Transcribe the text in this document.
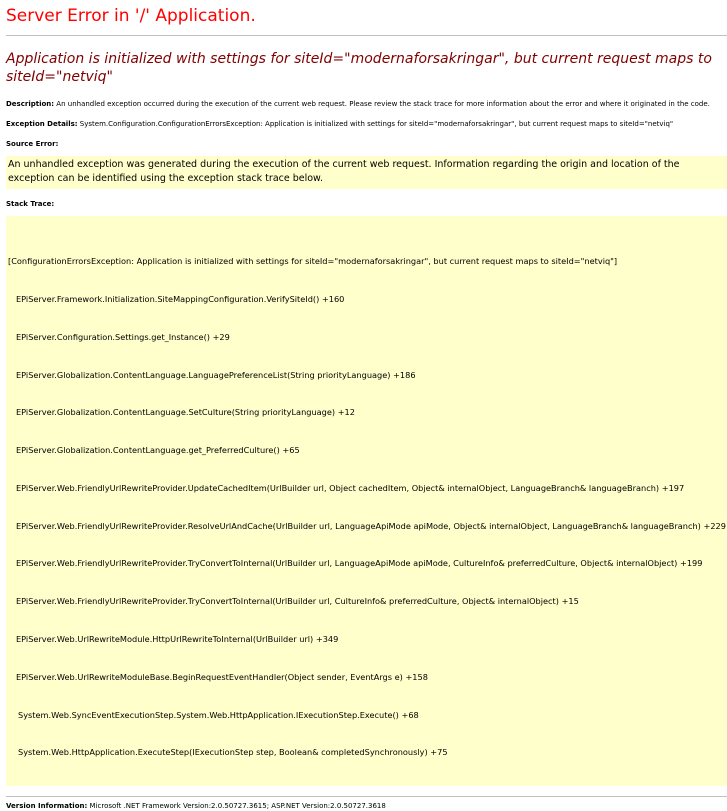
Server Error in '/' Application.
Application is initialized with settings for siteId="modernaforsakringar", but current request maps to siteId="netviq"
Description: An unhandled exception occurred during the execution of the current web request. Please review the stack trace for more information about the error and where it originated in the code.
Exception Details: System.Configuration.ConfigurationErrorsException: Application is initialized with settings for siteId="modernaforsakringar", but current request maps to siteId="netviq"
Source Error:
An unhandled exception was generated during the execution of the current web request. Information regarding the origin and location of the exception can be identified using the exception stack trace below.
Stack Trace:

[ConfigurationErrorsException: Application is initialized with settings for siteId="modernaforsakringar", but current request maps to siteId="netviq"]

EPiServer.Framework.Initialization.SiteMappingConfiguration.VerifySiteId() +160

EPiServer.Configuration.Settings.get_Instance() +29

EPiServer.Globalization.ContentLanguage.LanguagePreferenceList(String priorityLanguage) +186

EPiServer.Globalization.ContentLanguage.SetCulture(String priorityLanguage) +12

EPiServer.Globalization.ContentLanguage.get_PreferredCulture() +65

EPiServer.Web.FriendlyUrlRewriteProvider.UpdateCachedItem(UrlBuilder url, Object cachedItem, Object& internalObject, LanguageBranch& languageBranch) +197

EPiServer.Web.FriendlyUrlRewriteProvider.ResolveUrlAndCache(UrlBuilder url, LanguageApiMode apiMode, Object& internalObject, LanguageBranch& languageBranch) +229

EPiServer.Web.FriendlyUrlRewriteProvider.TryConvertToInternal(UrlBuilder url, LanguageApiMode apiMode, CultureInfo& preferredCulture, Object& internalObject) +199

EPiServer.Web.FriendlyUrlRewriteProvider.TryConvertToInternal(UrlBuilder url, CultureInfo& preferredCulture, Object& internalObject) +15

EPiServer.Web.UrlRewriteModule.HttpUrlRewriteToInternal(UrlBuilder url) +349

EPiServer.Web.UrlRewriteModuleBase.BeginRequestEventHandler(Object sender, EventArgs e) +158

System.Web.SyncEventExecutionStep.System.Web.HttpApplication.IExecutionStep.Execute() +68

System.Web.HttpApplication.ExecuteStep(IExecutionStep step, Boolean& completedSynchronously) +75

Version Information: Microsoft .NET Framework Version:2.0.50727.3615; ASP.NET Version:2.0.50727.3618
